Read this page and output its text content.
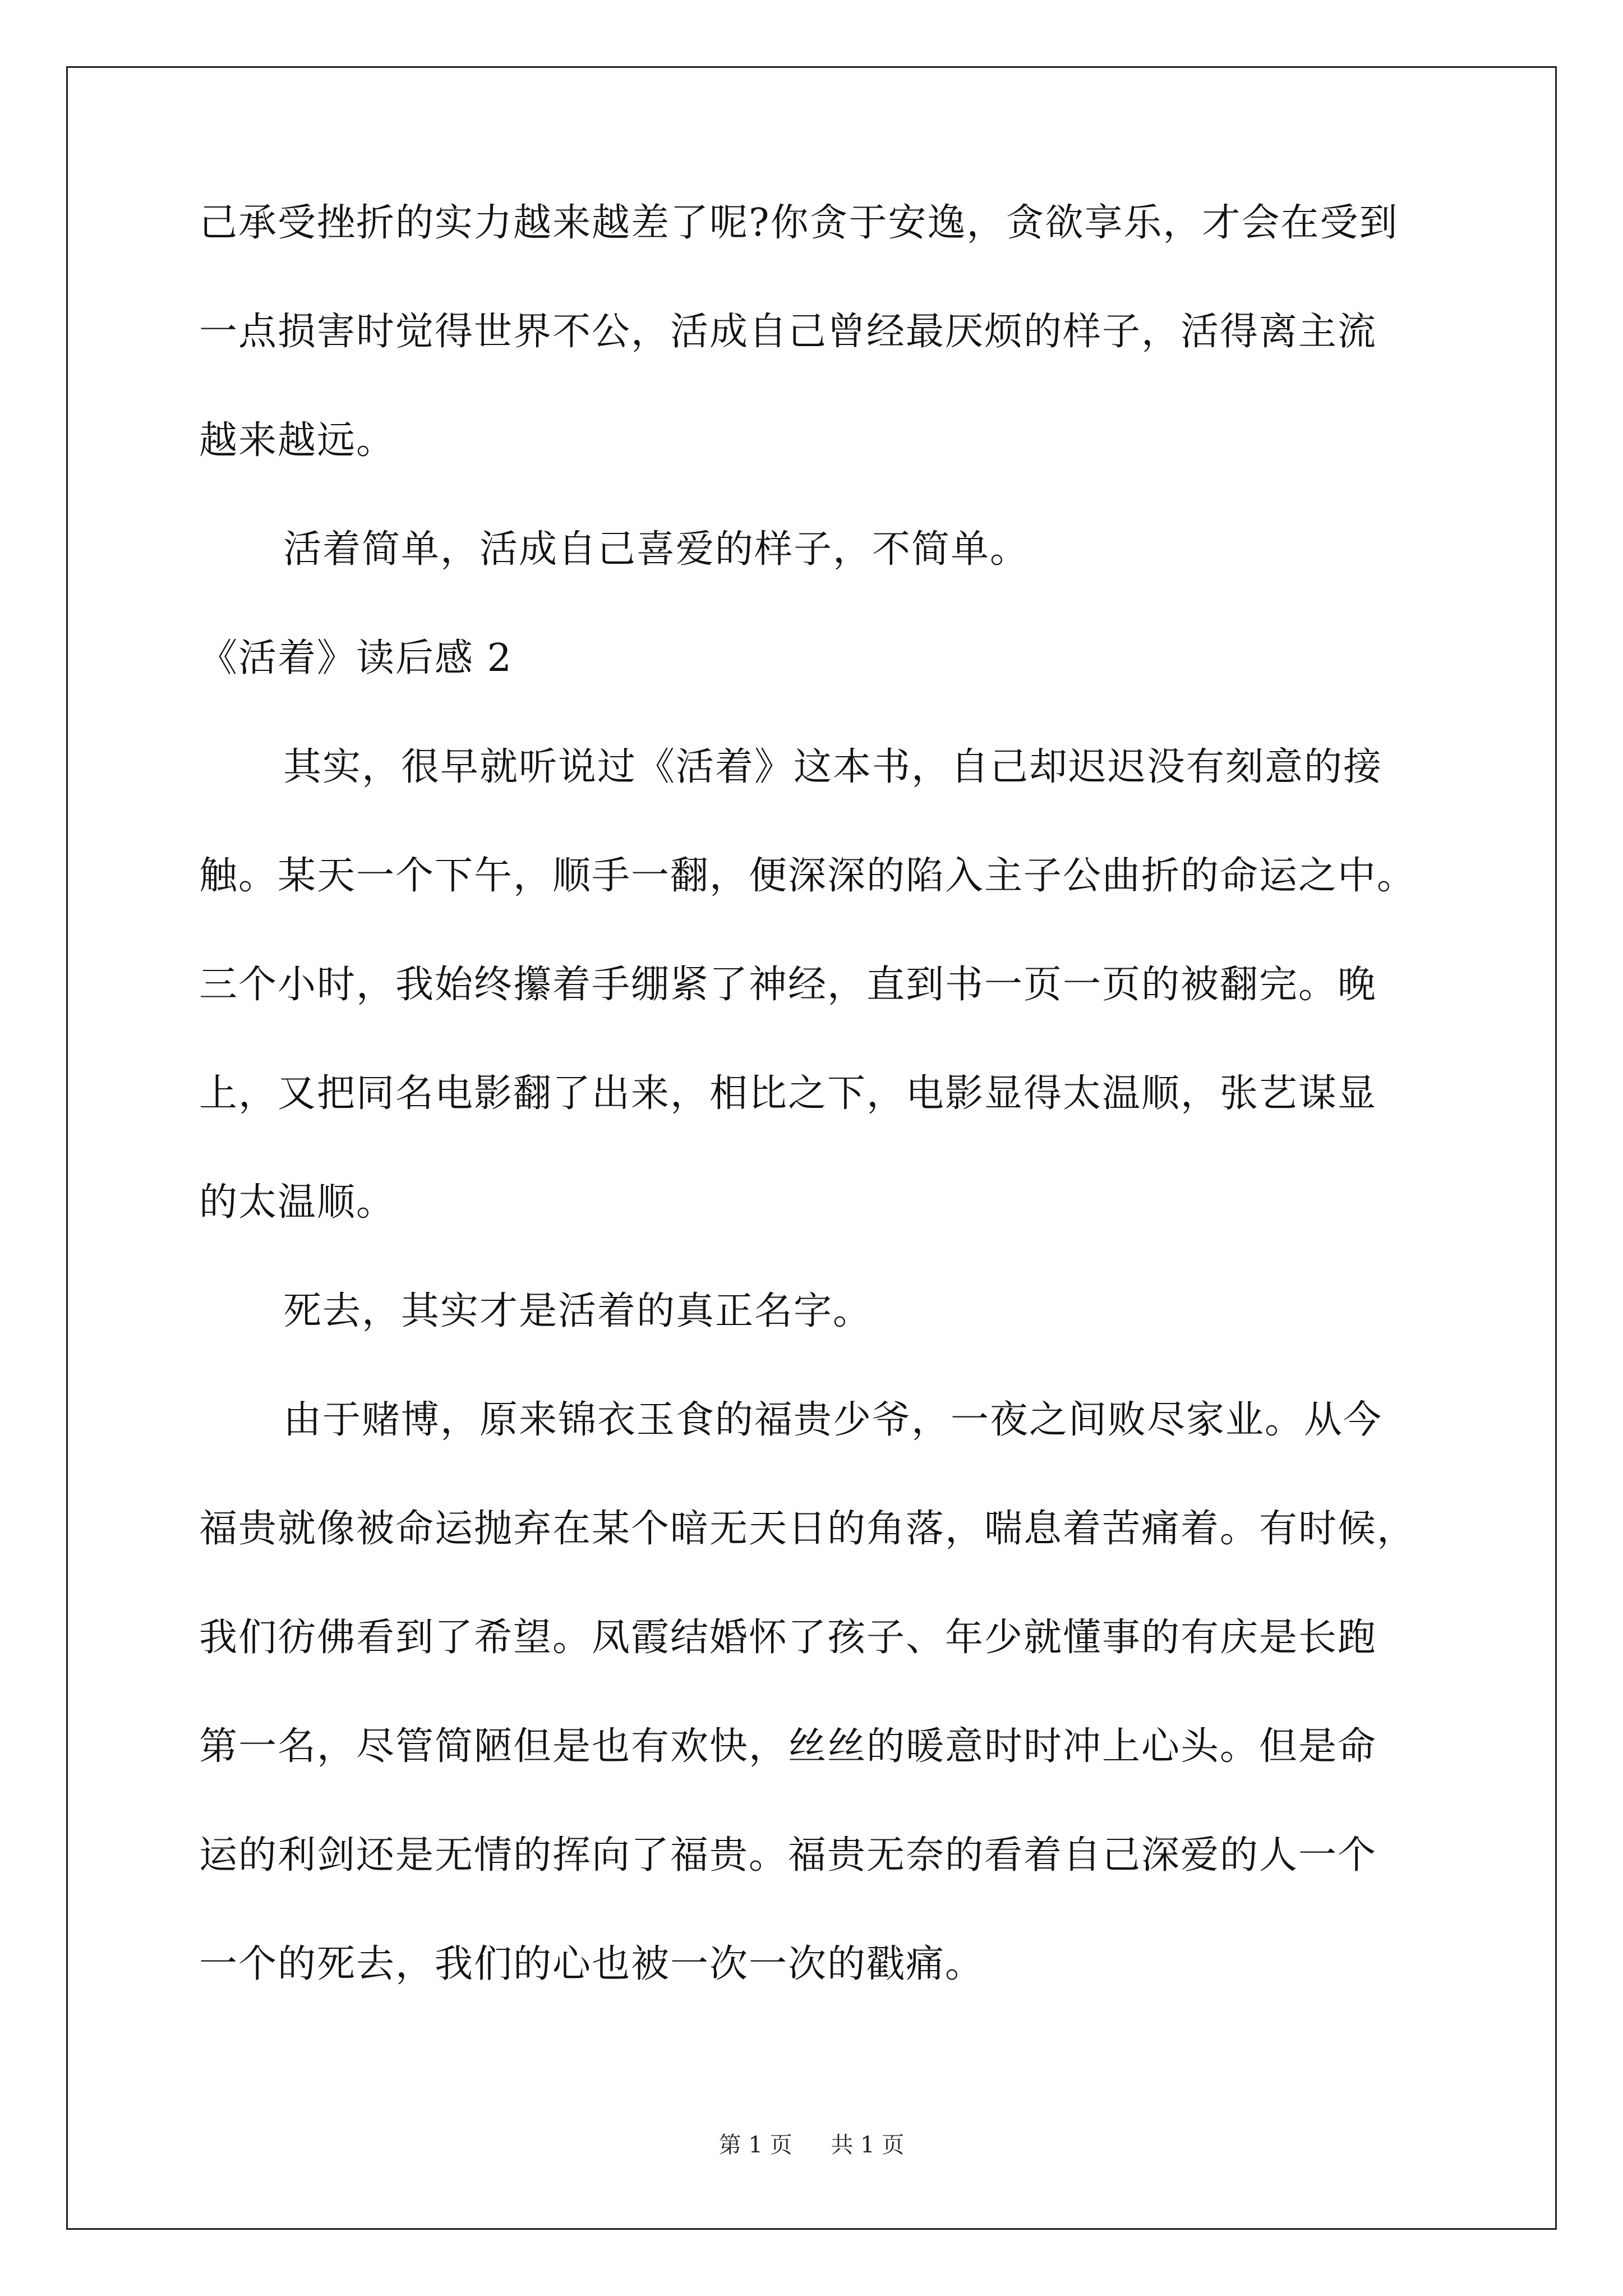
己承受挫折的实力越来越差了呢?你贪于安逸，贪欲享乐，才会在受到
一点损害时觉得世界不公，活成自己曾经最厌烦的样子，活得离主流
越来越远。
活着简单，活成自己喜爱的样子，不简单。
《活着》读后感 2
其实，很早就听说过《活着》这本书，自己却迟迟没有刻意的接
触。某天一个下午，顺手一翻，便深深的陷入主子公曲折的命运之中。
三个小时，我始终攥着手绷紧了神经，直到书一页一页的被翻完。晚
上，又把同名电影翻了出来，相比之下，电影显得太温顺，张艺谋显
的太温顺。
死去，其实才是活着的真正名字。
由于赌博，原来锦衣玉食的福贵少爷，一夜之间败尽家业。从今
福贵就像被命运抛弃在某个暗无天日的角落，喘息着苦痛着。有时候，
我们彷佛看到了希望。凤霞结婚怀了孩子、年少就懂事的有庆是长跑
第一名，尽管简陋但是也有欢快，丝丝的暖意时时冲上心头。但是命
运的利剑还是无情的挥向了福贵。福贵无奈的看着自己深爱的人一个
一个的死去，我们的心也被一次一次的戳痛。
第 1 页 共 1 页
